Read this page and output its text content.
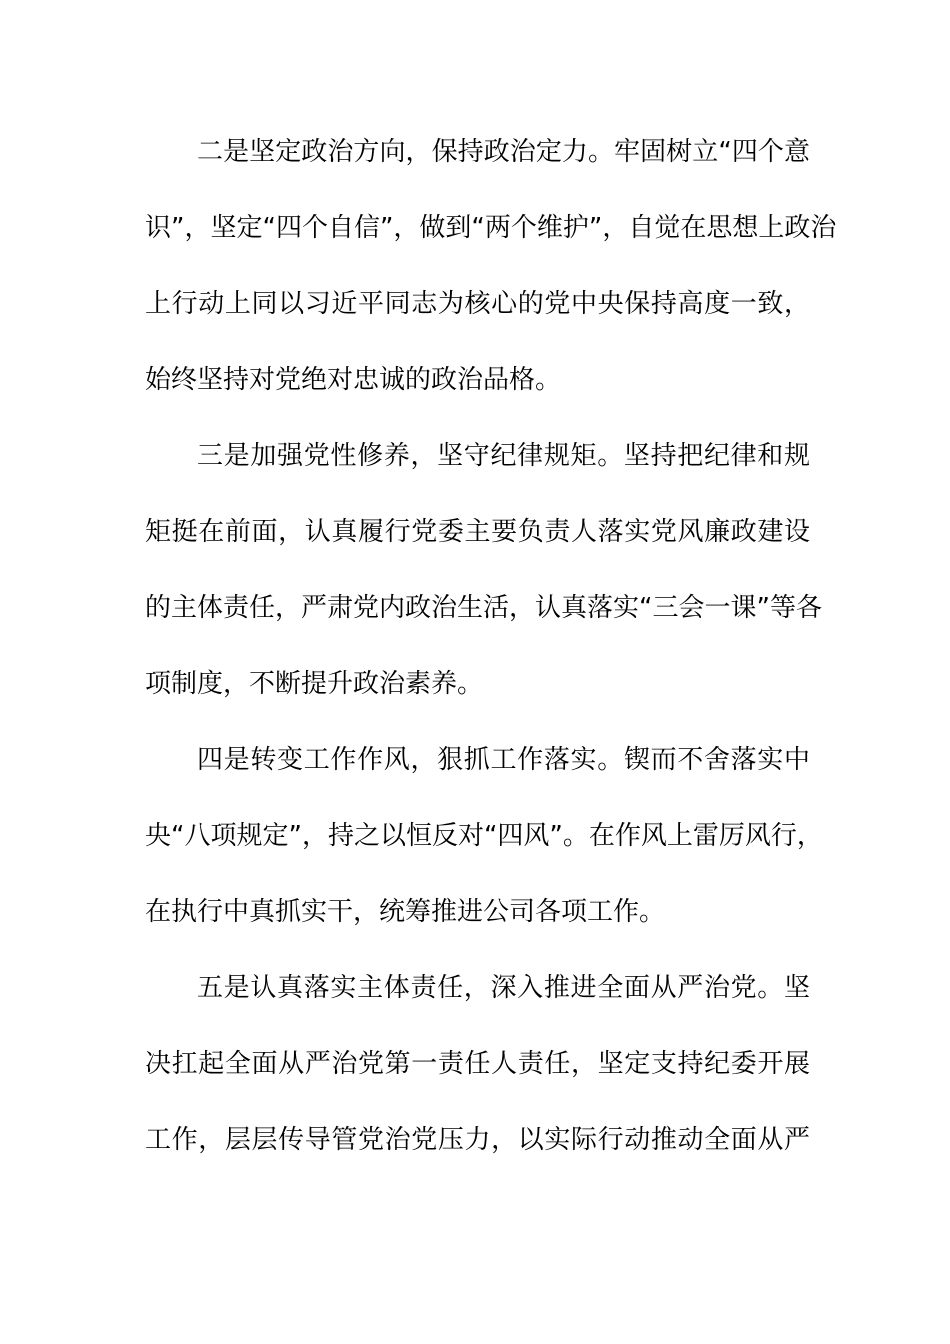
二是坚定政治方向，保持政治定力。牢固树立“四个意
识”，坚定“四个自信”，做到“两个维护”，自觉在思想上政治
上行动上同以习近平同志为核心的党中央保持高度一致，
始终坚持对党绝对忠诚的政治品格。
三是加强党性修养，坚守纪律规矩。坚持把纪律和规
矩挺在前面，认真履行党委主要负责人落实党风廉政建设
的主体责任，严肃党内政治生活，认真落实“三会一课”等各
项制度，不断提升政治素养。
四是转变工作作风，狠抓工作落实。锲而不舍落实中
央“八项规定”，持之以恒反对“四风”。在作风上雷厉风行，
在执行中真抓实干，统筹推进公司各项工作。
五是认真落实主体责任，深入推进全面从严治党。坚
决扛起全面从严治党第一责任人责任，坚定支持纪委开展
工作，层层传导管党治党压力，以实际行动推动全面从严
